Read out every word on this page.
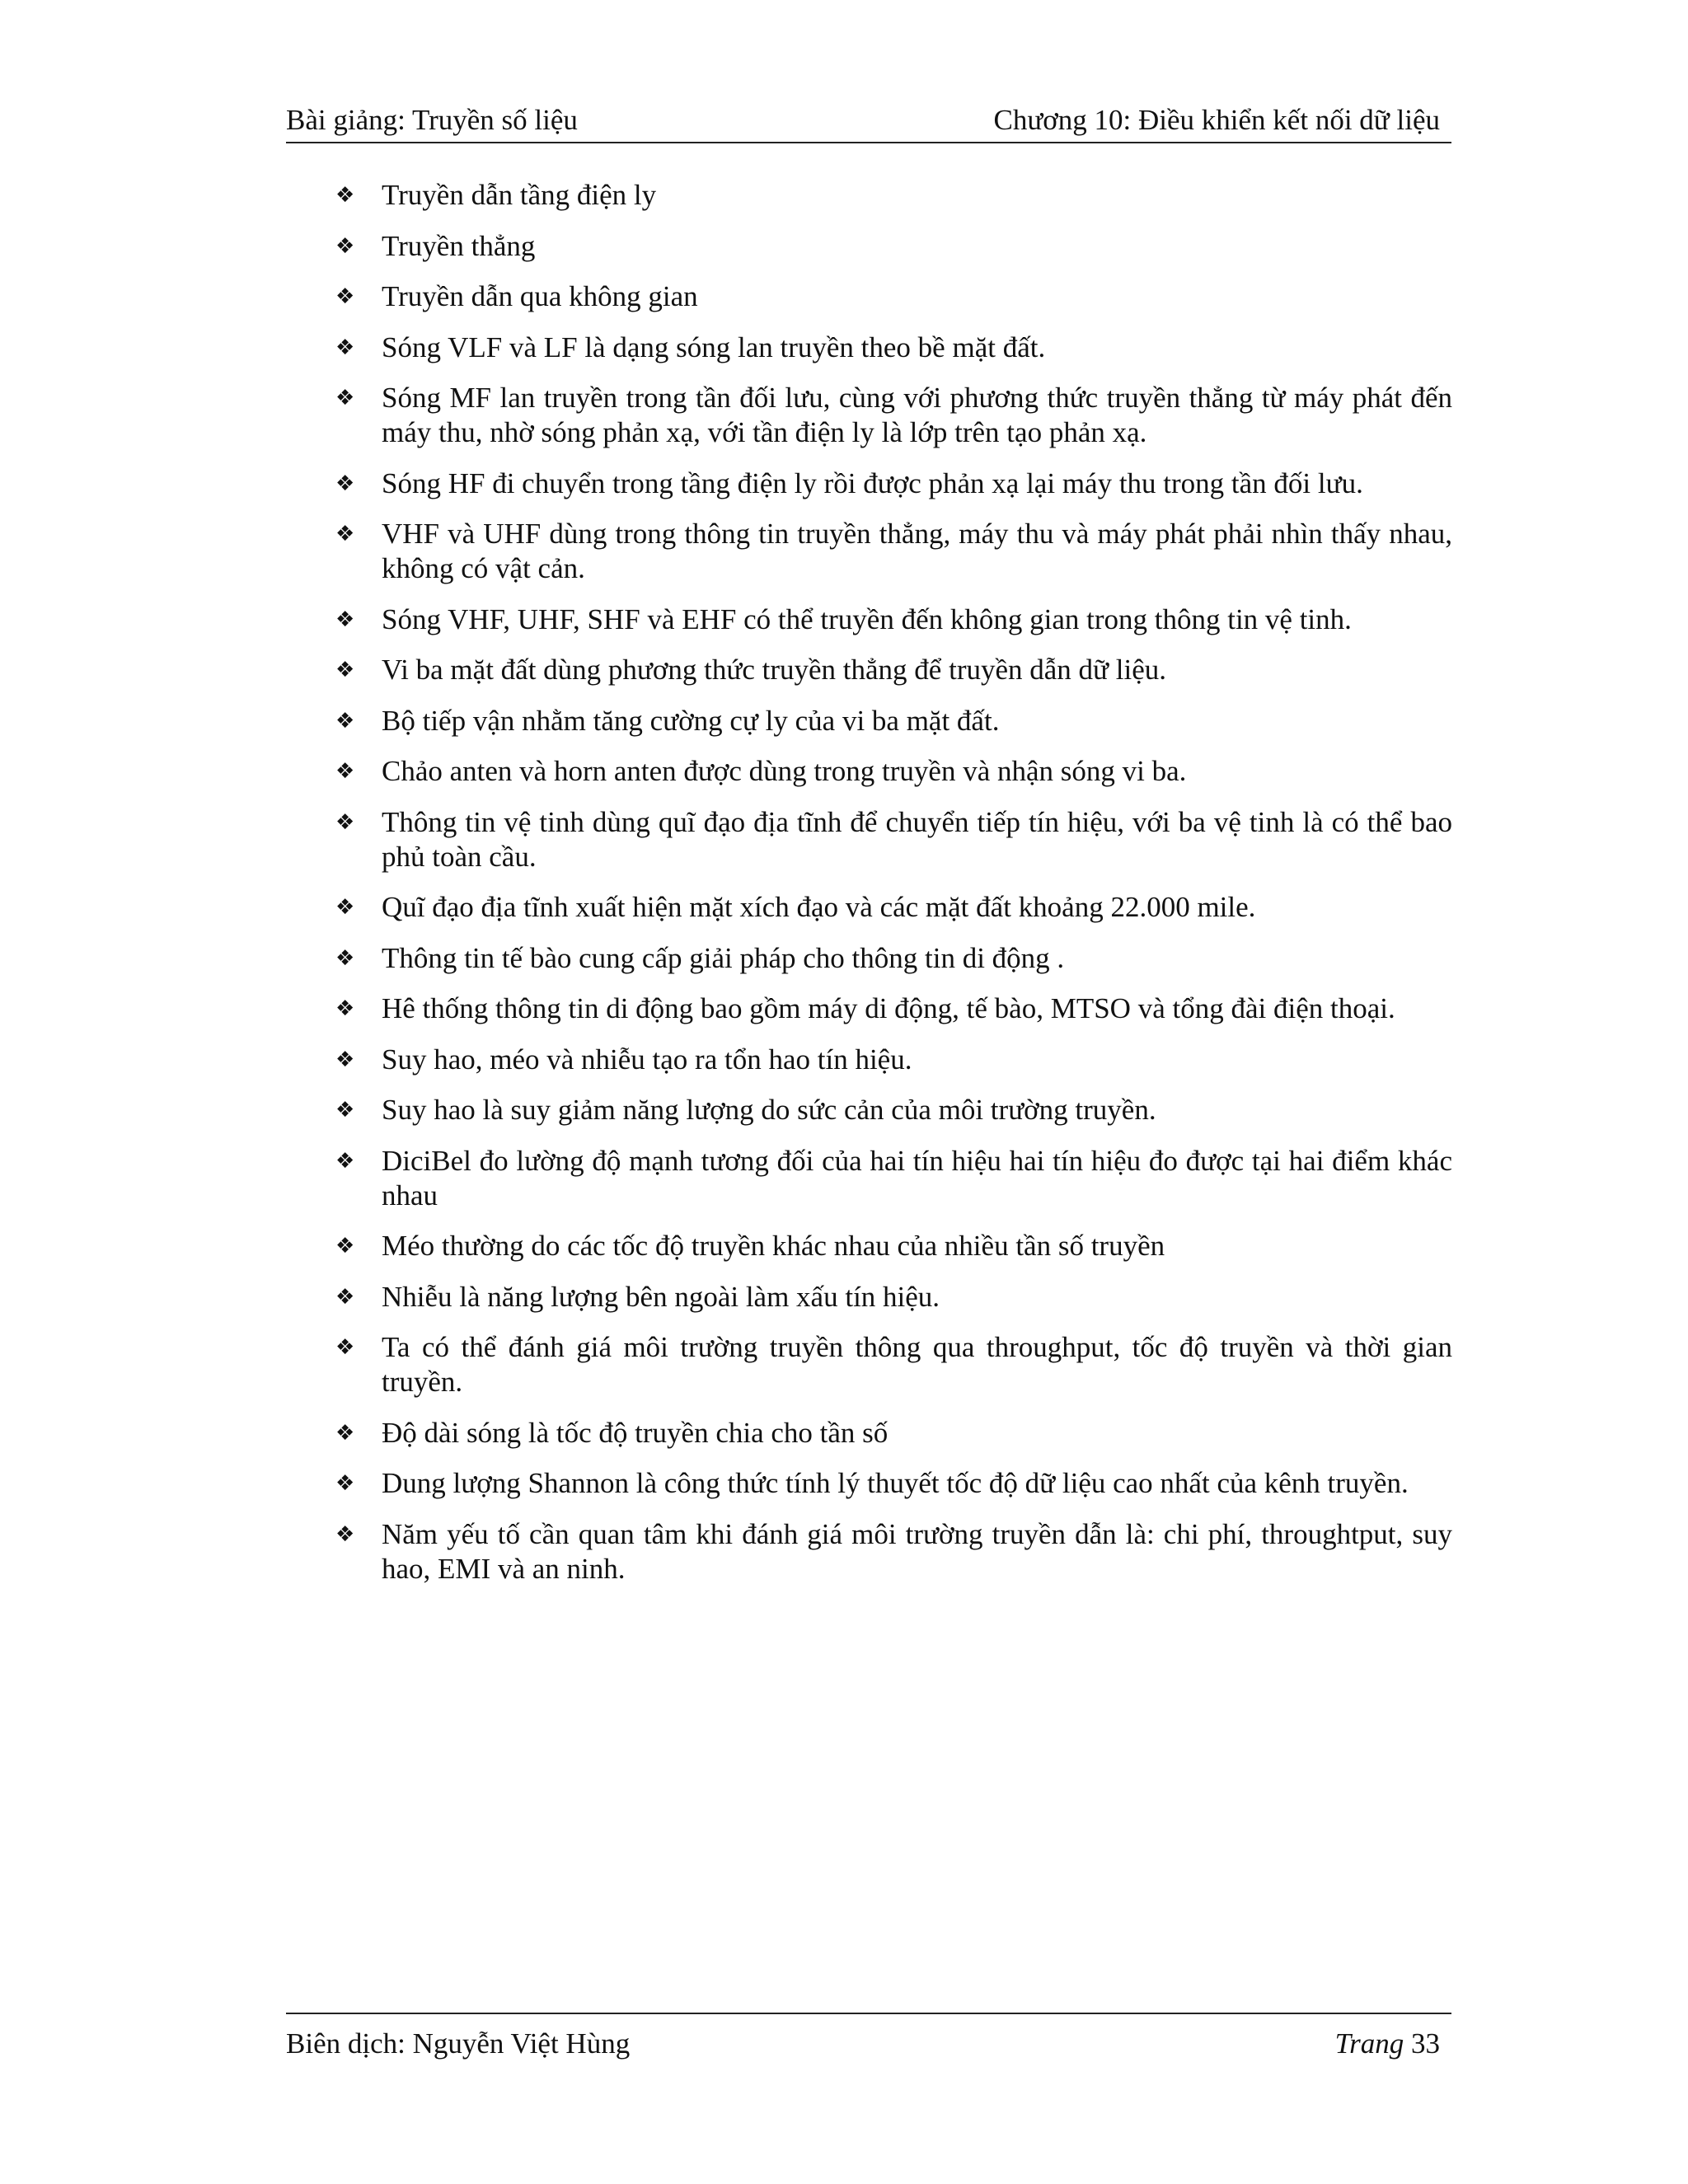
Bài giảng: Truyền số liệu	Chương 10: Điều khiển kết nối dữ liệu
❖ Truyền dẫn tầng điện ly
❖ Truyền thẳng
❖ Truyền dẫn qua không gian
❖ Sóng VLF và LF là dạng sóng lan truyền theo bề mặt đất.
❖ Sóng MF lan truyền trong tần đối lưu, cùng với phương thức truyền thẳng từ máy phát đến máy thu, nhờ sóng phản xạ, với tần điện ly là lớp trên tạo phản xạ.
❖ Sóng HF đi chuyển trong tầng điện ly rồi được phản xạ lại máy thu trong tần đối lưu.
❖ VHF và UHF dùng trong thông tin truyền thẳng, máy thu và máy phát phải nhìn thấy nhau, không có vật cản.
❖ Sóng VHF, UHF, SHF và EHF có thể truyền đến không gian trong thông tin vệ tinh.
❖ Vi ba mặt đất dùng phương thức truyền thẳng để truyền dẫn dữ liệu.
❖ Bộ tiếp vận nhằm tăng cường cự ly của vi ba mặt đất.
❖ Chảo anten và horn anten được dùng trong truyền và nhận sóng vi ba.
❖ Thông tin vệ tinh dùng quĩ đạo địa tĩnh để chuyển tiếp tín hiệu, với ba vệ tinh là có thể bao phủ toàn cầu.
❖ Quĩ đạo địa tĩnh xuất hiện mặt xích đạo và các mặt đất khoảng 22.000 mile.
❖ Thông tin tế bào cung cấp giải pháp cho thông tin di động .
❖ Hê thống thông tin di động bao gồm máy di động, tế bào, MTSO và tổng đài điện thoại.
❖ Suy hao, méo và nhiễu tạo ra tổn hao tín hiệu.
❖ Suy hao là suy giảm năng lượng do sức cản của môi trường truyền.
❖ DiciBel đo lường độ mạnh tương đối của hai tín hiệu hai tín hiệu đo được tại hai điểm khác nhau
❖ Méo thường do các tốc độ truyền khác nhau của nhiều tần số truyền
❖ Nhiễu là năng lượng bên ngoài làm xấu tín hiệu.
❖ Ta có thể đánh giá môi trường truyền thông qua throughput, tốc độ truyền và thời gian truyền.
❖ Độ dài sóng là tốc độ truyền chia cho tần số
❖ Dung lượng Shannon là công thức tính lý thuyết tốc độ dữ liệu cao nhất của kênh truyền.
❖ Năm yếu tố cần quan tâm khi đánh giá môi trường truyền dẫn là: chi phí, throughtput, suy hao, EMI và an ninh.
Biên dịch: Nguyễn Việt Hùng	Trang 33
